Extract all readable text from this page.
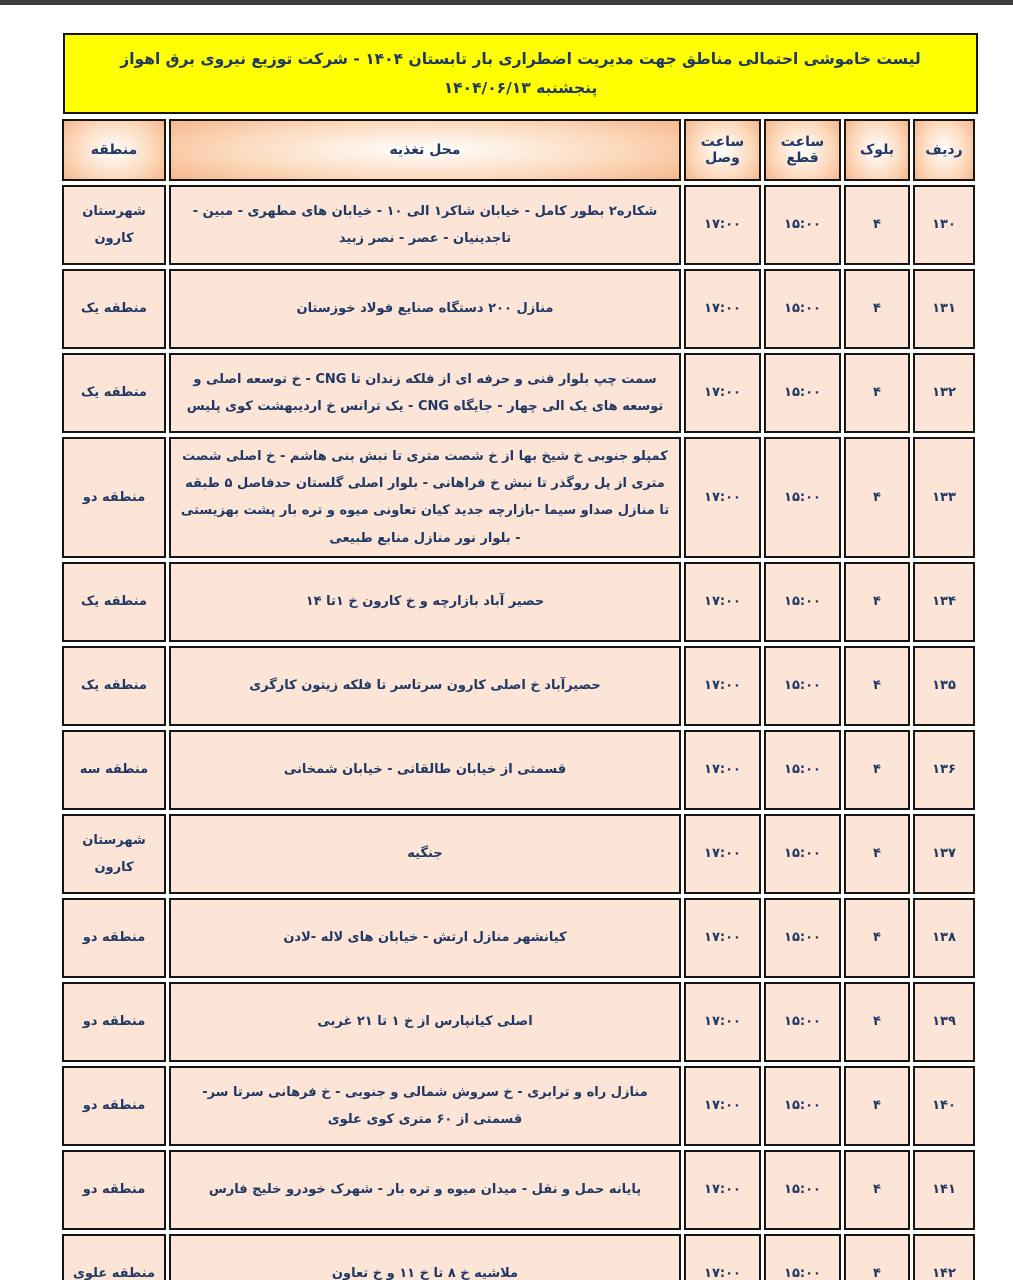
لیست خاموشی احتمالی مناطق جهت مدیریت اضطراری بار تابستان ۱۴۰۴ - شرکت توزیع نیروی برق اهواز
پنجشنبه ۱۴۰۴/۰۶/۱۳
ردیف	بلوک	ساعت قطع	ساعت وصل	محل تغذیه	منطقه
۱۳۰	۴	۱۵:۰۰	۱۷:۰۰	شکاره۲ بطور کامل - خیابان شاکر۱ الی ۱۰ - خیابان های مطهری - مبین - تاجدینیان - عصر - نصر زبید	شهرستان کارون
۱۳۱	۴	۱۵:۰۰	۱۷:۰۰	منازل ۲۰۰ دستگاه صنایع فولاد خوزستان	منطقه یک
۱۳۲	۴	۱۵:۰۰	۱۷:۰۰	سمت چپ بلوار فنی و حرفه ای از فلکه زندان تا CNG - خ توسعه اصلی و توسعه های یک الی چهار - جایگاه CNG - یک ترانس خ اردیبهشت کوی پلیس	منطقه یک
۱۳۳	۴	۱۵:۰۰	۱۷:۰۰	کمپلو جنوبی خ شیخ بها از خ شصت متری تا نبش بنی هاشم - خ اصلی شصت متری از پل روگذر تا نبش خ فراهانی - بلوار اصلی گلستان حدفاصل ۵ طبقه تا منازل صداو سیما -بازارچه جدید کیان تعاونی میوه و تره بار پشت بهزیستی - بلوار نور منازل منابع طبیعی	منطقه دو
۱۳۴	۴	۱۵:۰۰	۱۷:۰۰	حصیر آباد بازارچه و خ کارون خ ۱تا ۱۴	منطقه یک
۱۳۵	۴	۱۵:۰۰	۱۷:۰۰	حصیرآباد خ اصلی کارون سرتاسر تا فلکه زیتون کارگری	منطقه یک
۱۳۶	۴	۱۵:۰۰	۱۷:۰۰	قسمتی از خیابان طالقانی - خیابان شمخانی	منطقه سه
۱۳۷	۴	۱۵:۰۰	۱۷:۰۰	جنگیه	شهرستان کارون
۱۳۸	۴	۱۵:۰۰	۱۷:۰۰	کیانشهر منازل ارتش - خیابان های لاله -لادن	منطقه دو
۱۳۹	۴	۱۵:۰۰	۱۷:۰۰	اصلی کیانپارس از خ ۱ تا ۲۱ غربی	منطقه دو
۱۴۰	۴	۱۵:۰۰	۱۷:۰۰	منازل راه و ترابری - خ سروش شمالی و جنوبی - خ فرهانی سرتا سر- قسمتی از ۶۰ متری کوی علوی	منطقه دو
۱۴۱	۴	۱۵:۰۰	۱۷:۰۰	پایانه حمل و نقل - میدان میوه و تره بار - شهرک خودرو خلیج فارس	منطقه دو
۱۴۲	۴	۱۵:۰۰	۱۷:۰۰	ملاشیه خ ۸ تا خ ۱۱ و خ تعاون	منطقه علوی
